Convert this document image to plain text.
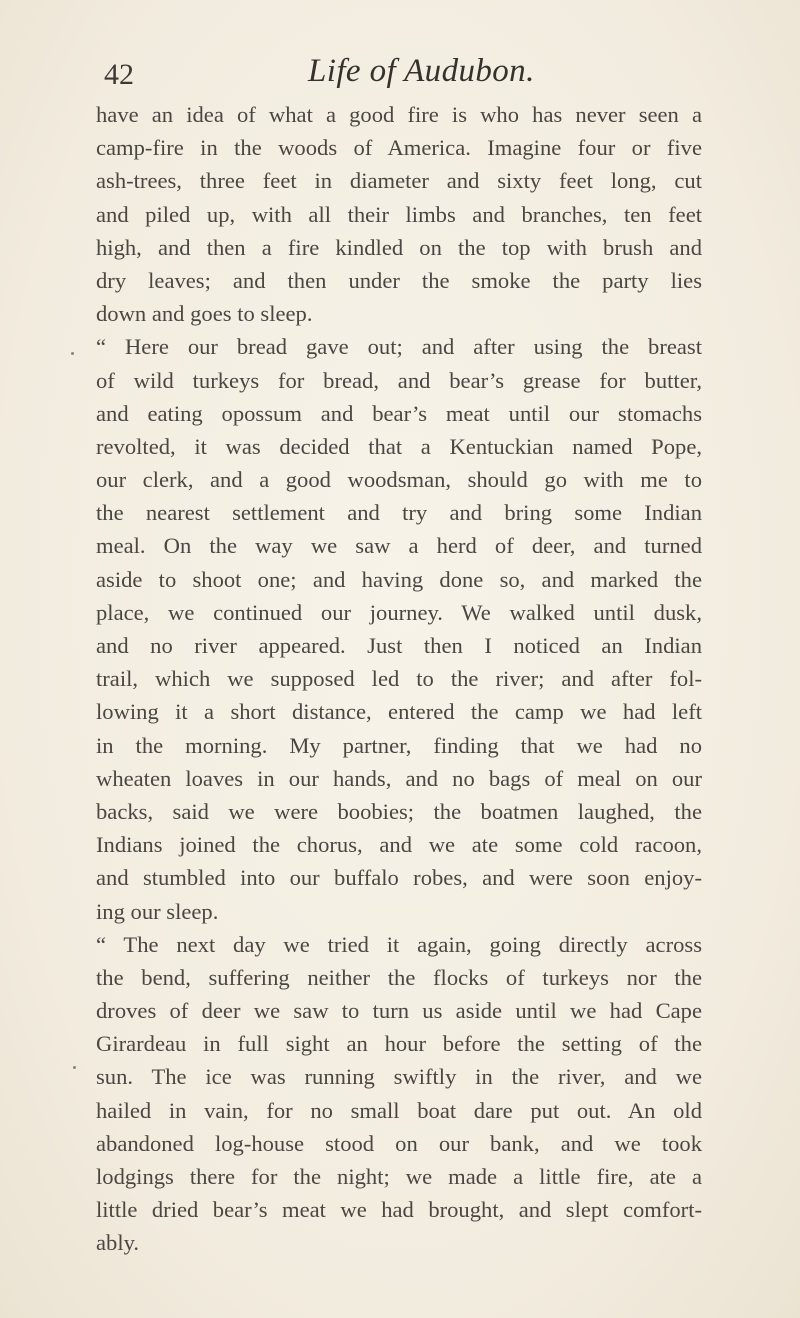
42	Life of Audubon.
have an idea of what a good fire is who has never seen a
camp-fire in the woods of America. Imagine four or five
ash-trees, three feet in diameter and sixty feet long, cut
and piled up, with all their limbs and branches, ten feet
high, and then a fire kindled on the top with brush and
dry leaves; and then under the smoke the party lies
down and goes to sleep.
“ Here our bread gave out; and after using the breast
of wild turkeys for bread, and bear’s grease for butter,
and eating opossum and bear’s meat until our stomachs
revolted, it was decided that a Kentuckian named Pope,
our clerk, and a good woodsman, should go with me to
the nearest settlement and try and bring some Indian
meal. On the way we saw a herd of deer, and turned
aside to shoot one; and having done so, and marked the
place, we continued our journey. We walked until dusk,
and no river appeared. Just then I noticed an Indian
trail, which we supposed led to the river; and after fol-
lowing it a short distance, entered the camp we had left
in the morning. My partner, finding that we had no
wheaten loaves in our hands, and no bags of meal on our
backs, said we were boobies; the boatmen laughed, the
Indians joined the chorus, and we ate some cold racoon,
and stumbled into our buffalo robes, and were soon enjoy-
ing our sleep.
“ The next day we tried it again, going directly across
the bend, suffering neither the flocks of turkeys nor the
droves of deer we saw to turn us aside until we had Cape
Girardeau in full sight an hour before the setting of the
sun. The ice was running swiftly in the river, and we
hailed in vain, for no small boat dare put out. An old
abandoned log-house stood on our bank, and we took
lodgings there for the night; we made a little fire, ate a
little dried bear’s meat we had brought, and slept comfort-
ably.
